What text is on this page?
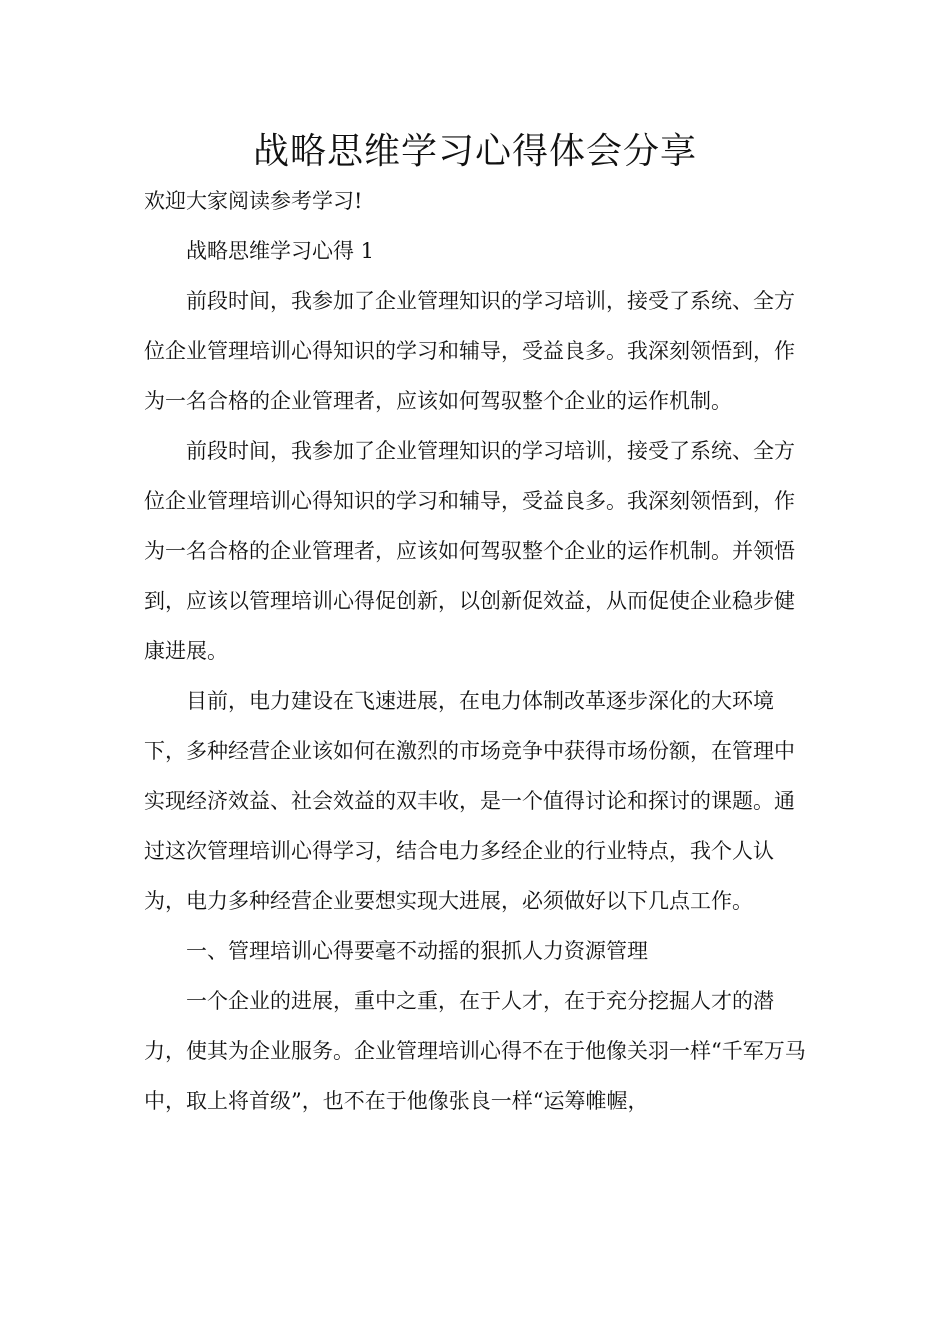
战略思维学习心得体会分享

欢迎大家阅读参考学习!

战略思维学习心得 1

前段时间，我参加了企业管理知识的学习培训，接受了系统、全方位企业管理培训心得知识的学习和辅导，受益良多。我深刻领悟到，作为一名合格的企业管理者，应该如何驾驭整个企业的运作机制。

前段时间，我参加了企业管理知识的学习培训，接受了系统、全方位企业管理培训心得知识的学习和辅导，受益良多。我深刻领悟到，作为一名合格的企业管理者，应该如何驾驭整个企业的运作机制。并领悟到，应该以管理培训心得促创新，以创新促效益，从而促使企业稳步健康进展。

目前，电力建设在飞速进展，在电力体制改革逐步深化的大环境下，多种经营企业该如何在激烈的市场竞争中获得市场份额，在管理中实现经济效益、社会效益的双丰收，是一个值得讨论和探讨的课题。通过这次管理培训心得学习，结合电力多经企业的行业特点，我个人认为，电力多种经营企业要想实现大进展，必须做好以下几点工作。

一、管理培训心得要毫不动摇的狠抓人力资源管理

一个企业的进展，重中之重，在于人才，在于充分挖掘人才的潜力，使其为企业服务。企业管理培训心得不在于他像关羽一样“千军万马中，取上将首级”，也不在于他像张良一样“运筹帷幄，
